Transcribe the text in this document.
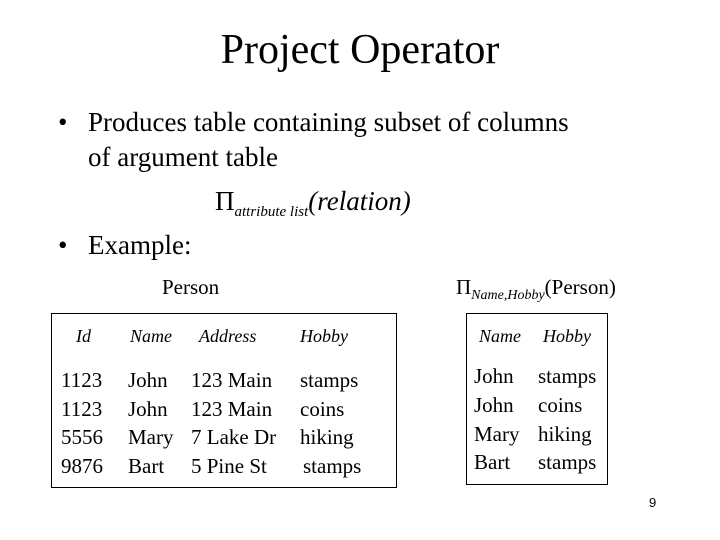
Project Operator
• Produces table containing subset of columns
of argument table
$\Pi_{attribute list}(relation)$
• Example:
Person	$\Pi_{Name,Hobby}(Person)$
Id Name Address Hobby
1123 John 123 Main stamps
1123 John 123 Main coins
5556 Mary 7 Lake Dr hiking
9876 Bart 5 Pine St stamps
Name Hobby
John stamps
John coins
Mary hiking
Bart stamps
9
